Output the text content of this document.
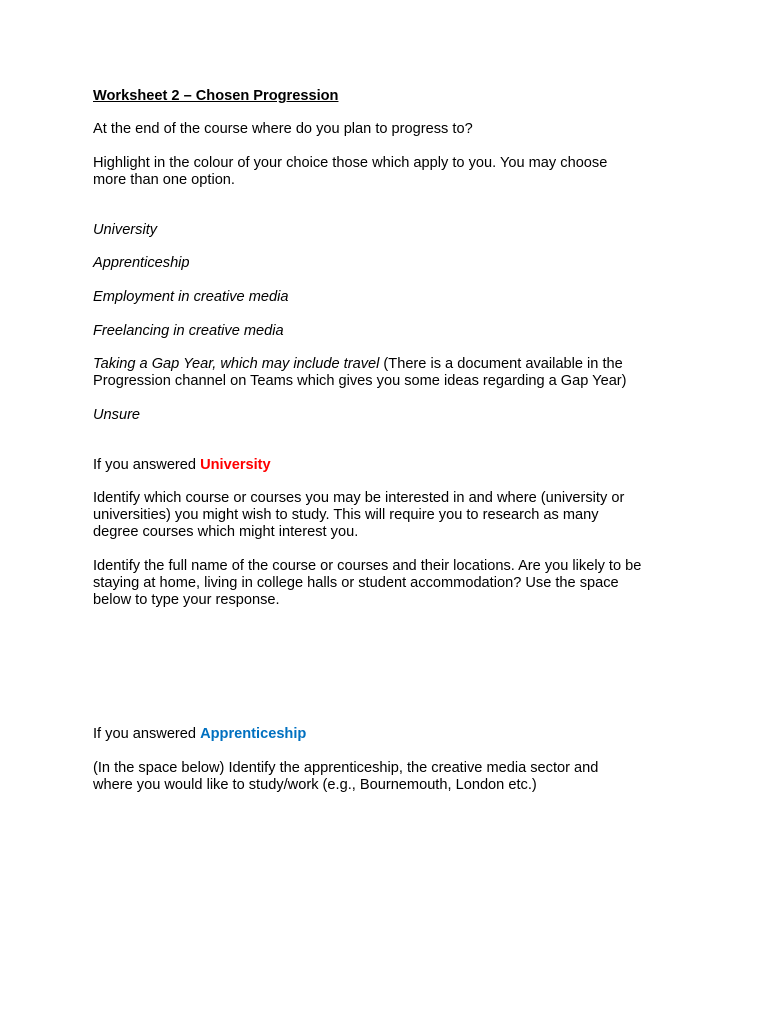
Worksheet 2 – Chosen Progression

At the end of the course where do you plan to progress to?

Highlight in the colour of your choice those which apply to you. You may choose

more than one option.

University

Apprenticeship

Employment in creative media

Freelancing in creative media

Taking a Gap Year, which may include travel (There is a document available in the

Progression channel on Teams which gives you some ideas regarding a Gap Year)

Unsure

If you answered University

Identify which course or courses you may be interested in and where (university or

universities) you might wish to study. This will require you to research as many

degree courses which might interest you.

Identify the full name of the course or courses and their locations. Are you likely to be

staying at home, living in college halls or student accommodation? Use the space

below to type your response.

If you answered Apprenticeship

(In the space below) Identify the apprenticeship, the creative media sector and

where you would like to study/work (e.g., Bournemouth, London etc.)
